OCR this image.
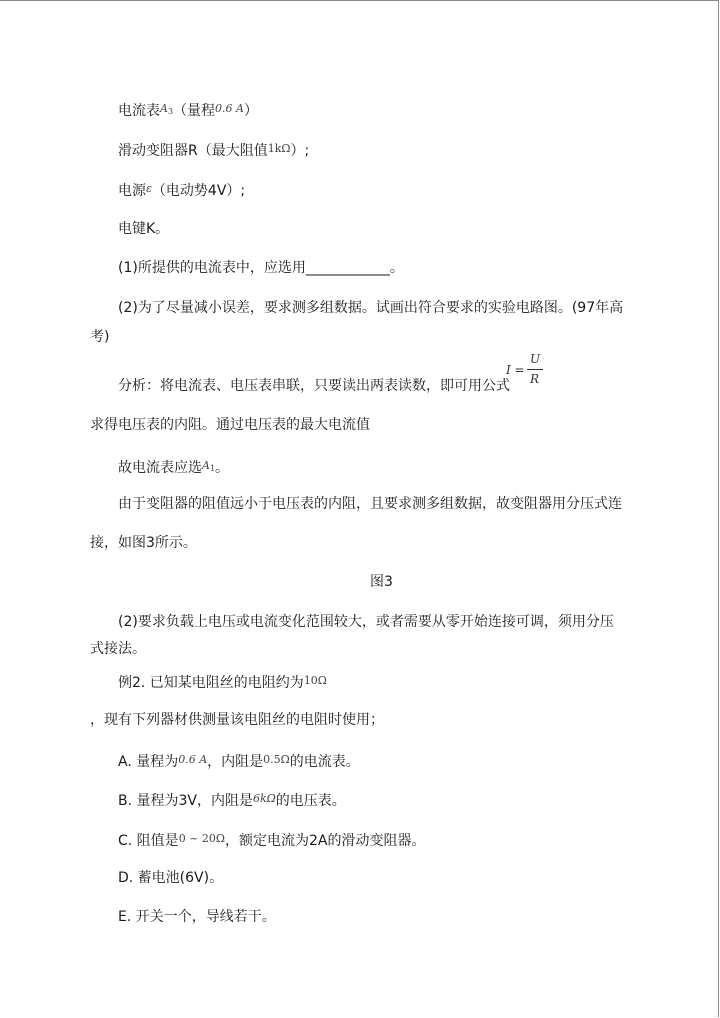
电流表$^{A_3}$（量程$^{0.6 A}$）
滑动变阻器R（最大阻值$^{1k\Omega}$）;
电源$^\varepsilon$（电动势4V）;
电键K。
(1)所提供的电流表中，应选用____________。
(2)为了尽量减小误差，要求测多组数据。试画出符合要求的实验电路图。(97年高
考)
分析：将电流表、电压表串联，只要读出两表读数，即可用公式
I =
U
R
求得电压表的内阻。通过电压表的最大电流值
故电流表应选$^{A_1}$。
由于变阻器的阻值远小于电压表的内阻，且要求测多组数据，故变阻器用分压式连
接，如图3所示。
图3
(2)要求负载上电压或电流变化范围较大，或者需要从零开始连接可调，须用分压
式接法。
例2. 已知某电阻丝的电阻约为$^{10\Omega}$
，现有下列器材供测量该电阻丝的电阻时使用；
A. 量程为$^{0.6 A}$，内阻是$^{0.5\Omega}$的电流表。
B. 量程为3V，内阻是$^{6k\Omega}$的电压表。
C. 阻值是$^{0 \sim 20\Omega}$，额定电流为2A的滑动变阻器。
D. 蓄电池(6V)。
E. 开关一个，导线若干。
